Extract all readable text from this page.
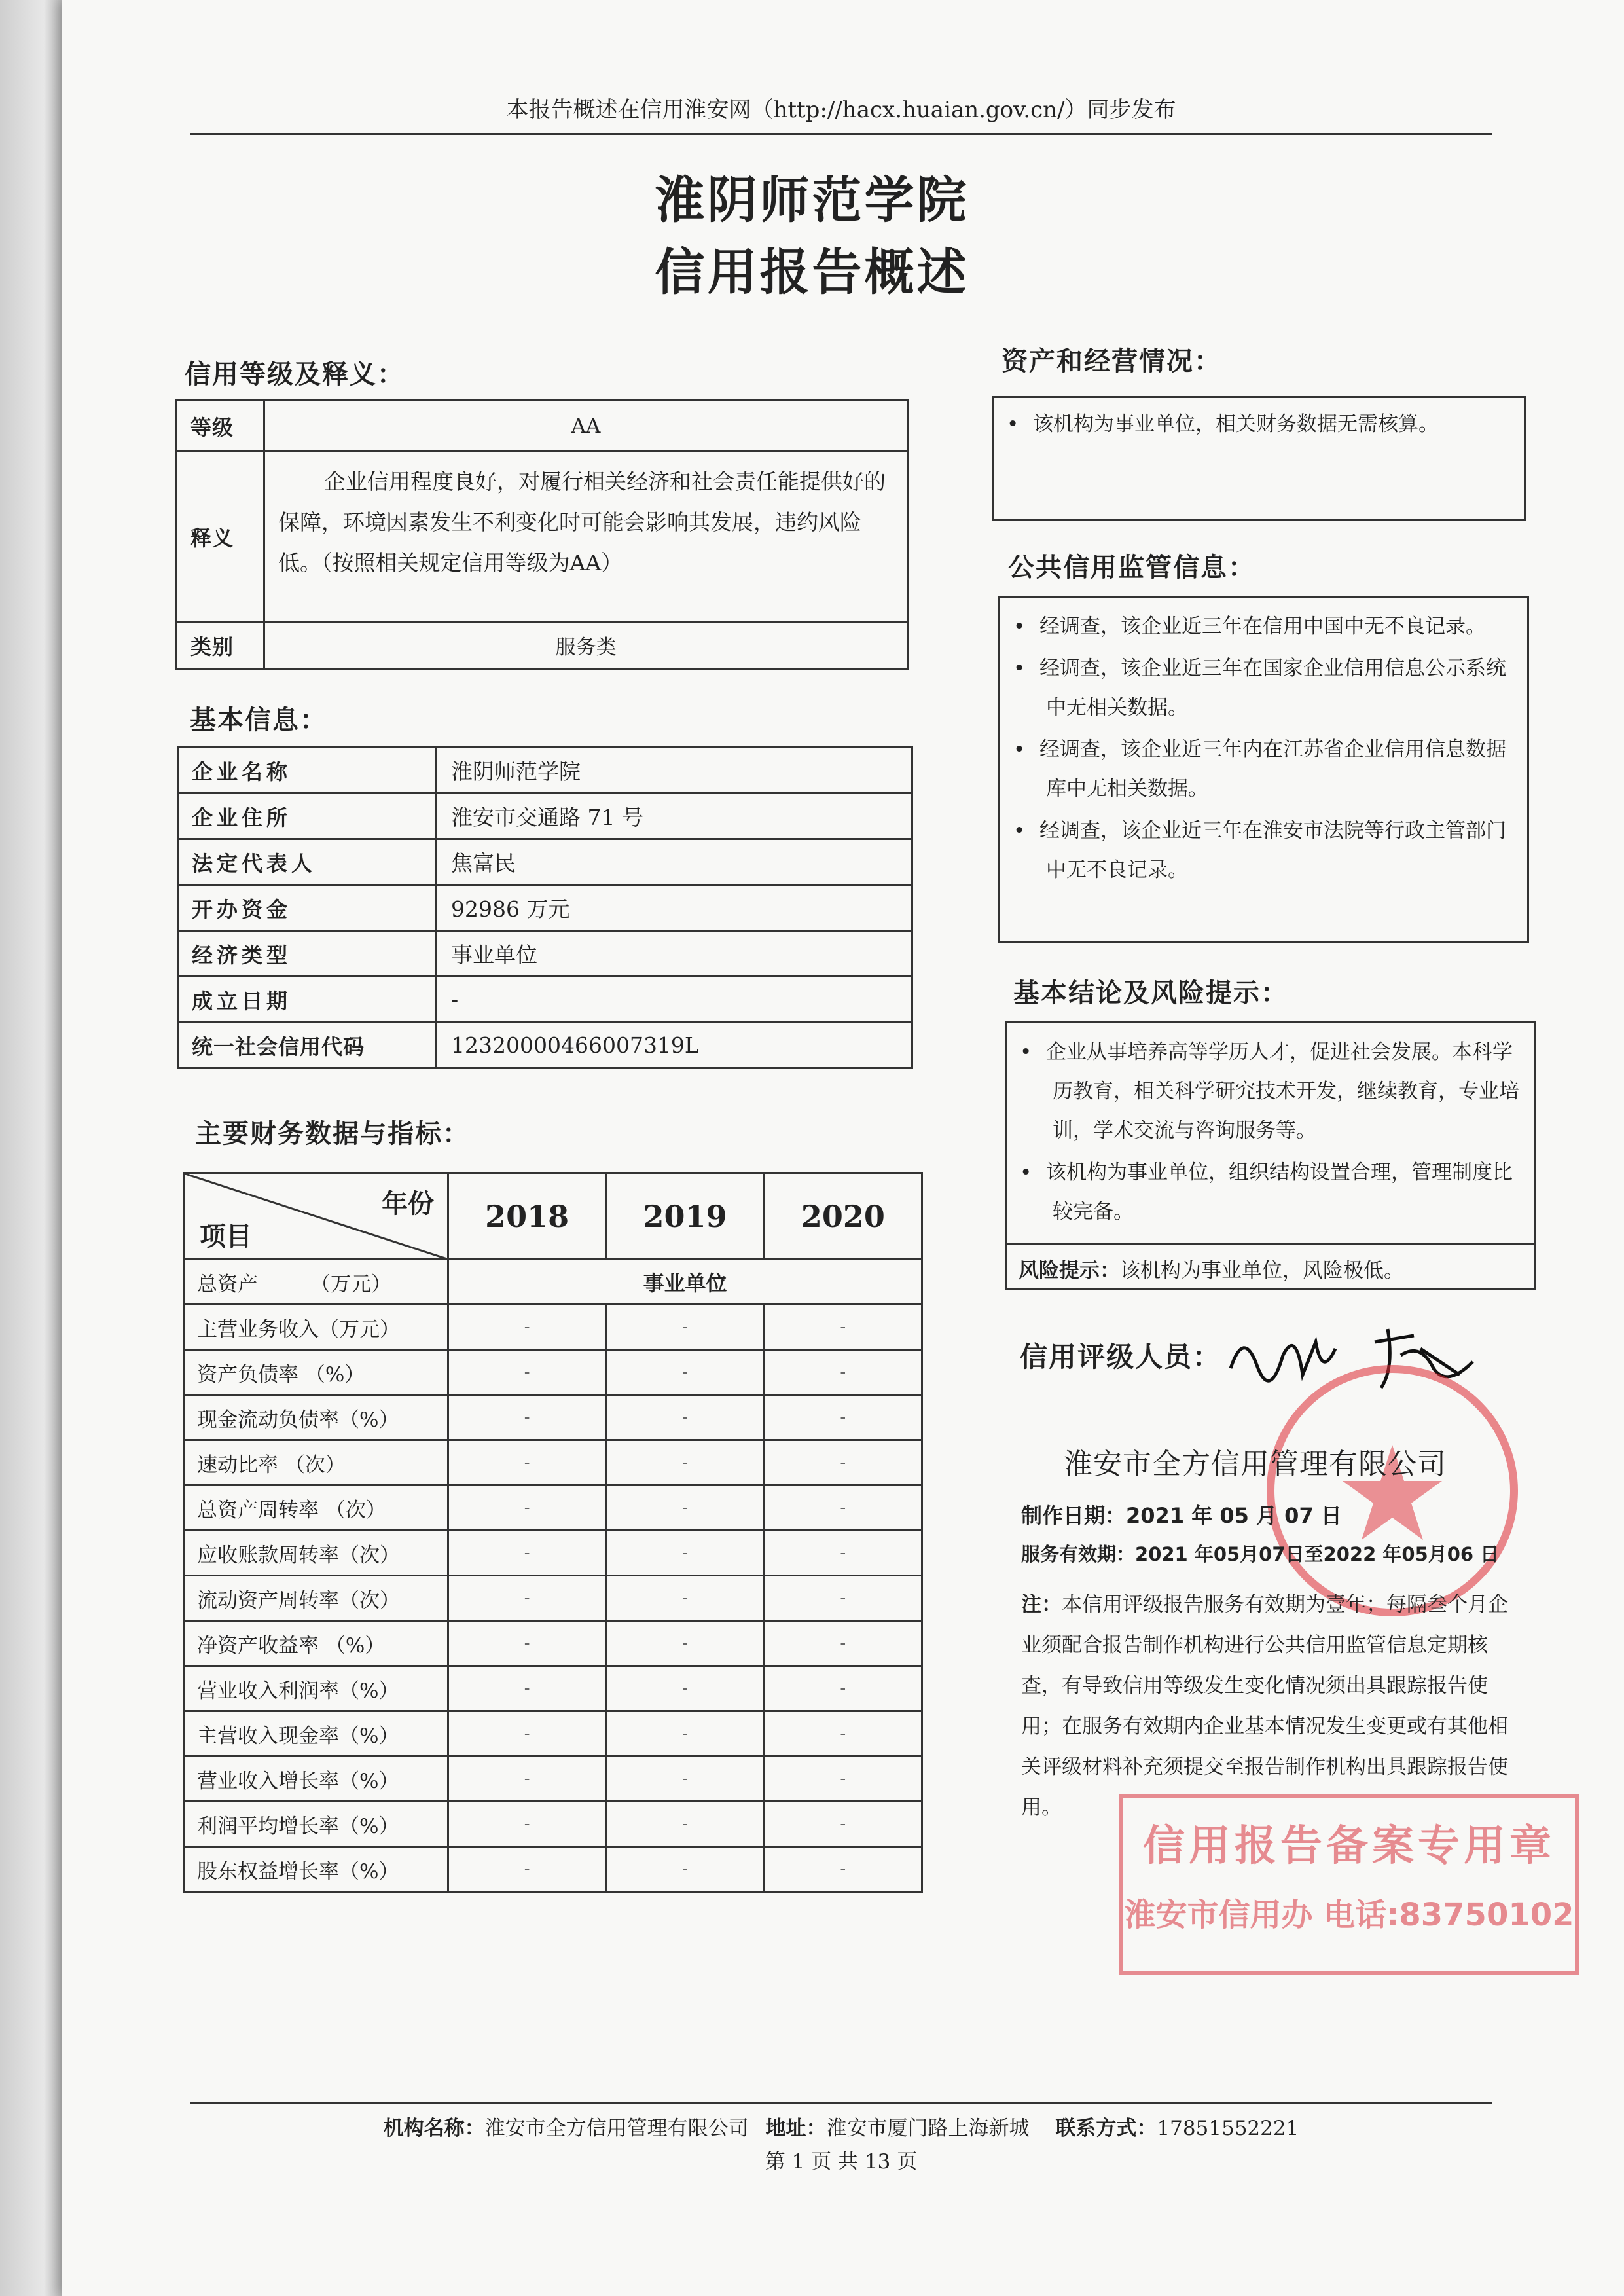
本报告概述在信用淮安网（http://hacx.huaian.gov.cn/）同步发布
淮阴师范学院
信用报告概述
信用等级及释义：
等级	AA
释义	企业信用程度良好，对履行相关经济和社会责任能提供好的保障，环境因素发生不利变化时可能会影响其发展，违约风险低。（按照相关规定信用等级为AA）
类别	服务类
基本信息：
企业名称	淮阴师范学院
企业住所	淮安市交通路 71 号
法定代表人	焦富民
开办资金	92986 万元
经济类型	事业单位
成立日期	-
统一社会信用代码	12320000466007319L
主要财务数据与指标：
年份
项目	2018	2019	2020
总资产 （万元）	事业单位		
主营业务收入（万元）	-	-	-
资产负债率 （%）	-	-	-
现金流动负债率（%）	-	-	-
速动比率 （次）	-	-	-
总资产周转率 （次）	-	-	-
应收账款周转率（次）	-	-	-
流动资产周转率（次）	-	-	-
净资产收益率 （%）	-	-	-
营业收入利润率（%）	-	-	-
主营收入现金率（%）	-	-	-
营业收入增长率（%）	-	-	-
利润平均增长率（%）	-	-	-
股东权益增长率（%）	-	-	-
资产和经营情况：
• 该机构为事业单位，相关财务数据无需核算。
公共信用监管信息：
• 经调查，该企业近三年在信用中国中无不良记录。
• 经调查，该企业近三年在国家企业信用信息公示系统中无相关数据。
• 经调查，该企业近三年内在江苏省企业信用信息数据库中无相关数据。
• 经调查，该企业近三年在淮安市法院等行政主管部门中无不良记录。
基本结论及风险提示：
• 企业从事培养高等学历人才，促进社会发展。本科学历教育，相关科学研究技术开发，继续教育，专业培训，学术交流与咨询服务等。
• 该机构为事业单位，组织结构设置合理，管理制度比较完备。
风险提示：该机构为事业单位，风险极低。
信用评级人员：
淮安市全方信用管理有限公司
制作日期：2021 年 05 月 07 日
服务有效期：2021 年05月07日至2022 年05月06 日
注：本信用评级报告服务有效期为壹年；每隔叁个月企业须配合报告制作机构进行公共信用监管信息定期核查，有导致信用等级发生变化情况须出具跟踪报告使用；在服务有效期内企业基本情况发生变更或有其他相关评级材料补充须提交至报告制作机构出具跟踪报告使用。
信用报告备案专用章
淮安市信用办 电话:83750102
机构名称：淮安市全方信用管理有限公司 地址：淮安市厦门路上海新城 联系方式：17851552221
第 1 页 共 13 页
